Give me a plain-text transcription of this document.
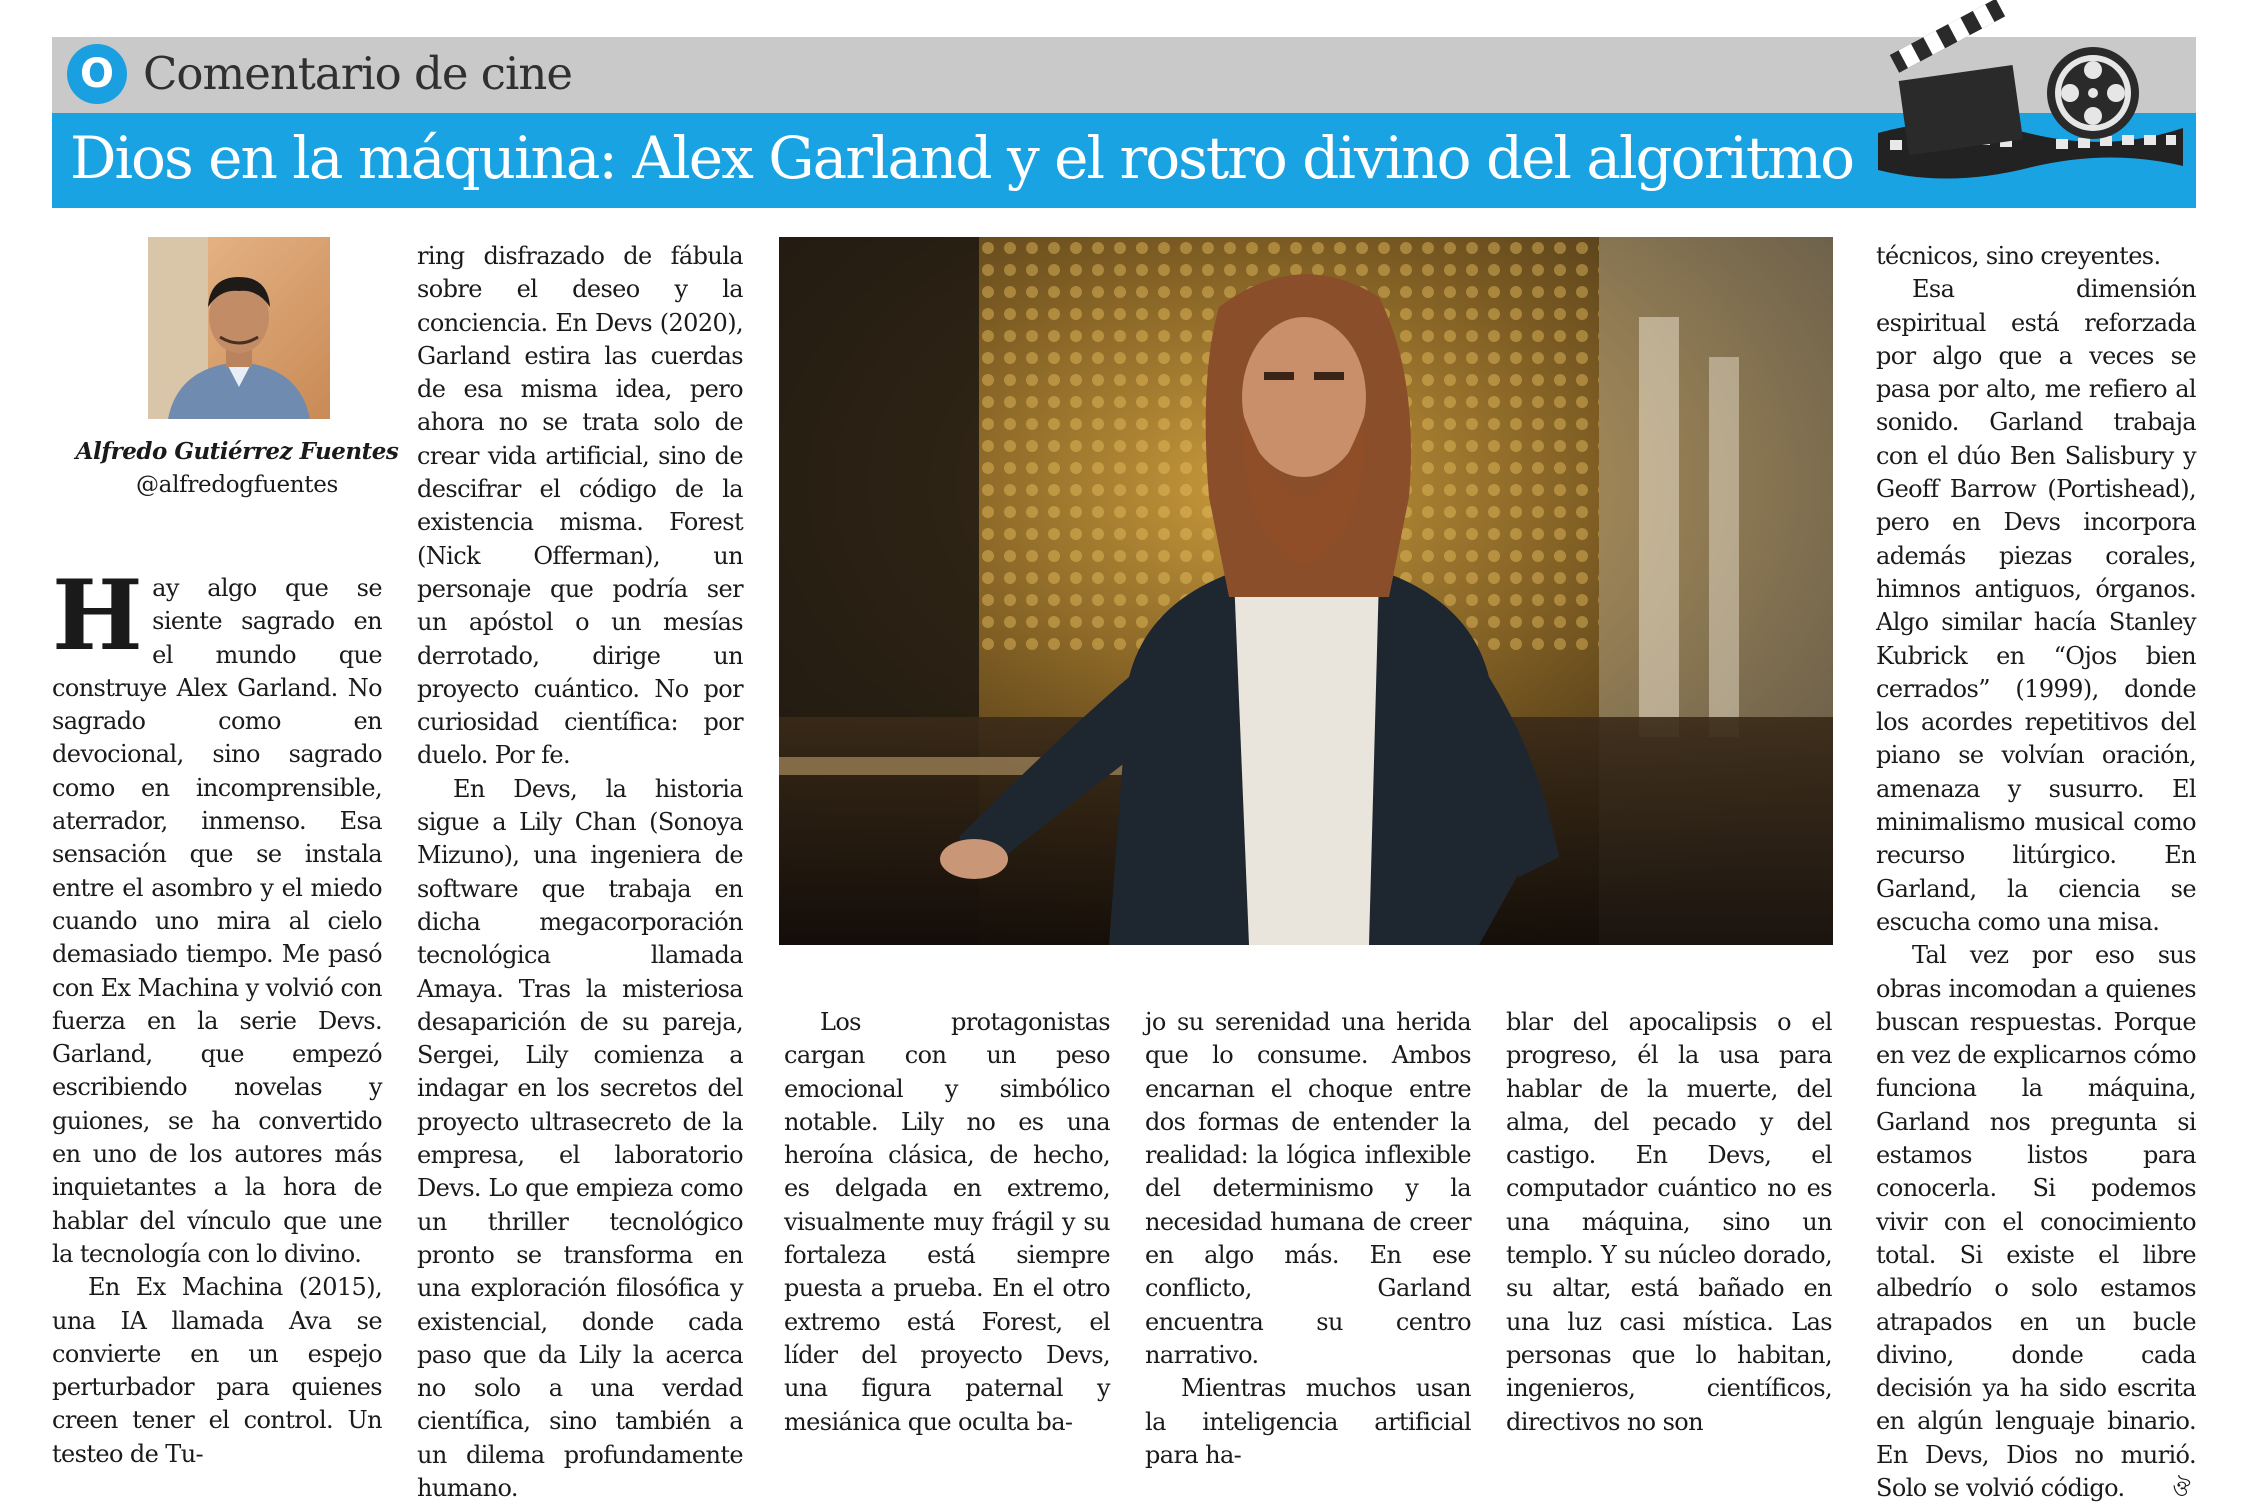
O Comentario de cine
Dios en la máquina: Alex Garland y el rostro divino del algoritmo
Alfredo Gutiérrez Fuentes
@alfredogfuentes

Hay algo que se siente sagrado en el mundo que construye Alex Garland. No sagrado como en devocional, sino sagrado como en incomprensible, aterrador, inmenso. Esa sensación que se instala entre el asombro y el miedo cuando uno mira al cielo demasiado tiempo. Me pasó con Ex Machina y volvió con fuerza en la serie Devs. Garland, que empezó escribiendo novelas y guiones, se ha convertido en uno de los autores más inquietantes a la hora de hablar del vínculo que une la tecnología con lo divino.

En Ex Machina (2015), una IA llamada Ava se convierte en un espejo perturbador para quienes creen tener el control. Un testeo de Tu-

ring disfrazado de fábula sobre el deseo y la conciencia. En Devs (2020), Garland estira las cuerdas de esa misma idea, pero ahora no se trata solo de crear vida artificial, sino de descifrar el código de la existencia misma. Forest (Nick Offerman), un personaje que podría ser un apóstol o un mesías derrotado, dirige un proyecto cuántico. No por curiosidad científica: por duelo. Por fe.

En Devs, la historia sigue a Lily Chan (Sonoya Mizuno), una ingeniera de software que trabaja en dicha megacorporación tecnológica llamada Amaya. Tras la misteriosa desaparición de su pareja, Sergei, Lily comienza a indagar en los secretos del proyecto ultrasecreto de la empresa, el laboratorio Devs. Lo que empieza como un thriller tecnológico pronto se transforma en una exploración filosófica y existencial, donde cada paso que da Lily la acerca no solo a una verdad científica, sino también a un dilema profundamente humano.

Los protagonistas cargan con un peso emocional y simbólico notable. Lily no es una heroína clásica, de hecho, es delgada en extremo, visualmente muy frágil y su fortaleza está siempre puesta a prueba. En el otro extremo está Forest, el líder del proyecto Devs, una figura paternal y mesiánica que oculta ba-

jo su serenidad una herida que lo consume. Ambos encarnan el choque entre dos formas de entender la realidad: la lógica inflexible del determinismo y la necesidad humana de creer en algo más. En ese conflicto, Garland encuentra su centro narrativo.

Mientras muchos usan la inteligencia artificial para ha-

blar del apocalipsis o el progreso, él la usa para hablar de la muerte, del alma, del pecado y del castigo. En Devs, el computador cuántico no es una máquina, sino un templo. Y su núcleo dorado, su altar, está bañado en una luz casi mística. Las personas que lo habitan, ingenieros, científicos, directivos no son

técnicos, sino creyentes.

Esa dimensión espiritual está reforzada por algo que a veces se pasa por alto, me refiero al sonido. Garland trabaja con el dúo Ben Salisbury y Geoff Barrow (Portishead), pero en Devs incorpora además piezas corales, himnos antiguos, órganos. Algo similar hacía Stanley Kubrick en “Ojos bien cerrados” (1999), donde los acordes repetitivos del piano se volvían oración, amenaza y susurro. El minimalismo musical como recurso litúrgico. En Garland, la ciencia se escucha como una misa.

Tal vez por eso sus obras incomodan a quienes buscan respuestas. Porque en vez de explicarnos cómo funciona la máquina, Garland nos pregunta si estamos listos para conocerla. Si podemos vivir con el conocimiento total. Si existe el libre albedrío o solo estamos atrapados en un bucle divino, donde cada decisión ya ha sido escrita en algún lenguaje binario. En Devs, Dios no murió. Solo se volvió código. ঔ
